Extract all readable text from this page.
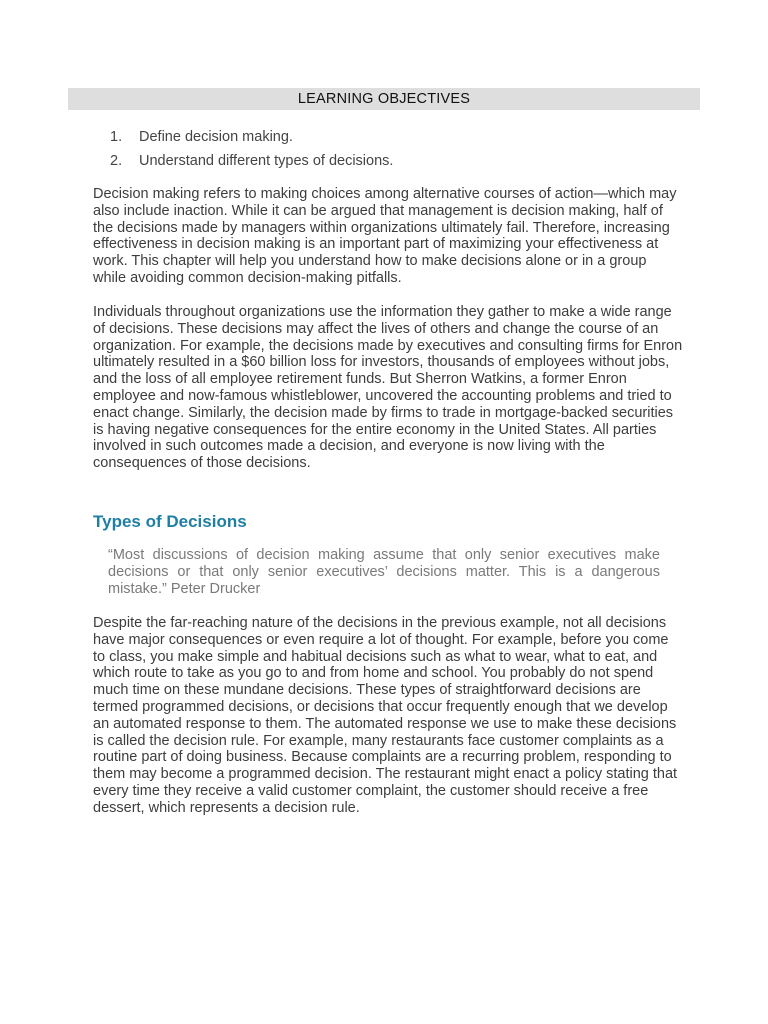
LEARNING OBJECTIVES
1.	Define decision making.
2.	Understand different types of decisions.

Decision making refers to making choices among alternative courses of action—which may also include inaction. While it can be argued that management is decision making, half of the decisions made by managers within organizations ultimately fail. Therefore, increasing effectiveness in decision making is an important part of maximizing your effectiveness at work. This chapter will help you understand how to make decisions alone or in a group while avoiding common decision-making pitfalls.

Individuals throughout organizations use the information they gather to make a wide range of decisions. These decisions may affect the lives of others and change the course of an organization. For example, the decisions made by executives and consulting firms for Enron ultimately resulted in a $60 billion loss for investors, thousands of employees without jobs, and the loss of all employee retirement funds. But Sherron Watkins, a former Enron employee and now-famous whistleblower, uncovered the accounting problems and tried to enact change. Similarly, the decision made by firms to trade in mortgage-backed securities is having negative consequences for the entire economy in the United States. All parties involved in such outcomes made a decision, and everyone is now living with the consequences of those decisions.

Types of Decisions

“Most discussions of decision making assume that only senior executives make decisions or that only senior executives’ decisions matter. This is a dangerous mistake.” Peter Drucker

Despite the far-reaching nature of the decisions in the previous example, not all decisions have major consequences or even require a lot of thought. For example, before you come to class, you make simple and habitual decisions such as what to wear, what to eat, and which route to take as you go to and from home and school. You probably do not spend much time on these mundane decisions. These types of straightforward decisions are termed programmed decisions, or decisions that occur frequently enough that we develop an automated response to them. The automated response we use to make these decisions is called the decision rule. For example, many restaurants face customer complaints as a routine part of doing business. Because complaints are a recurring problem, responding to them may become a programmed decision. The restaurant might enact a policy stating that every time they receive a valid customer complaint, the customer should receive a free dessert, which represents a decision rule.
